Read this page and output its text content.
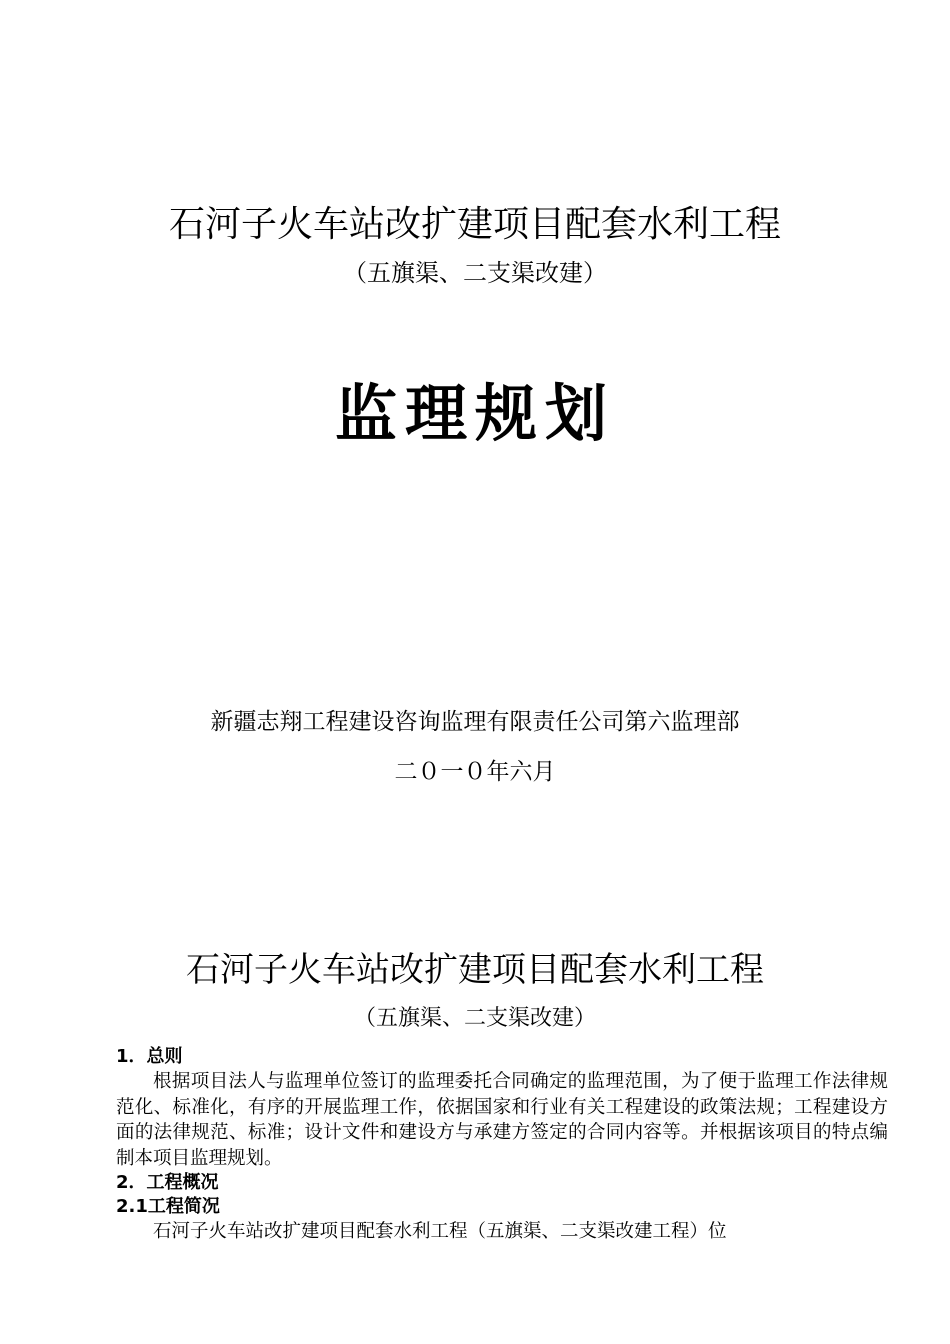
石河子火车站改扩建项目配套水利工程
（五旗渠、二支渠改建）
监理规划
新疆志翔工程建设咨询监理有限责任公司第六监理部
二０一０年六月
石河子火车站改扩建项目配套水利工程
（五旗渠、二支渠改建）

1．总则

根据项目法人与监理单位签订的监理委托合同确定的监理范围，为了便于监理工作法律规范化、标准化，有序的开展监理工作，依据国家和行业有关工程建设的政策法规；工程建设方面的法律规范、标准；设计文件和建设方与承建方签定的合同内容等。并根据该项目的特点编制本项目监理规划。

2．工程概况

2.1工程简况

石河子火车站改扩建项目配套水利工程（五旗渠、二支渠改建工程）位
